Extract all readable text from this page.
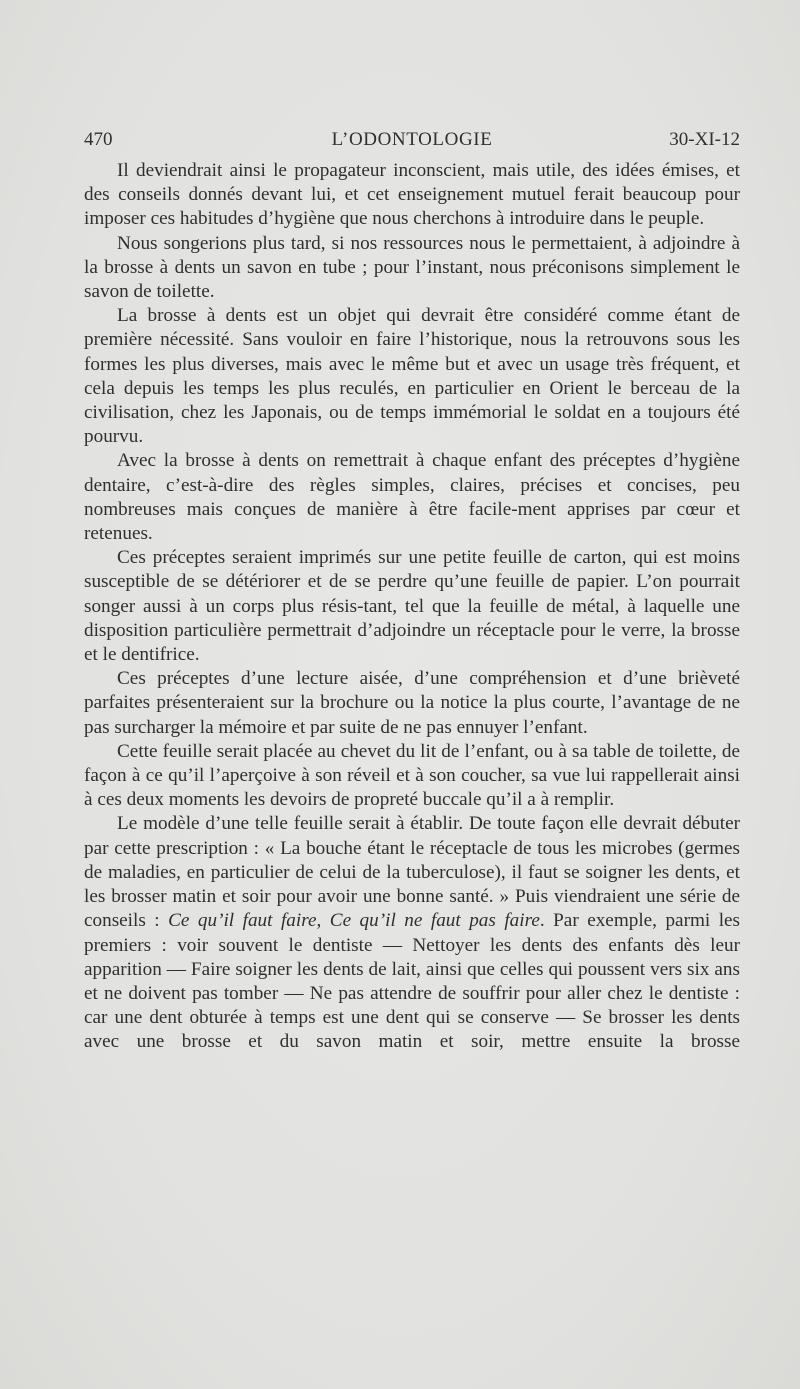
470	L’ODONTOLOGIE	30-XI-12

Il deviendrait ainsi le propagateur inconscient, mais utile, des idées émises, et des conseils donnés devant lui, et cet enseignement mutuel ferait beaucoup pour imposer ces habitudes d’hygiène que nous cherchons à introduire dans le peuple.

Nous songerions plus tard, si nos ressources nous le permettaient, à adjoindre à la brosse à dents un savon en tube ; pour l’instant, nous préconisons simplement le savon de toilette.

La brosse à dents est un objet qui devrait être considéré comme étant de première nécessité. Sans vouloir en faire l’historique, nous la retrouvons sous les formes les plus diverses, mais avec le même but et avec un usage très fréquent, et cela depuis les temps les plus reculés, en particulier en Orient le berceau de la civilisation, chez les Japonais, ou de temps immémorial le soldat en a toujours été pourvu.

Avec la brosse à dents on remettrait à chaque enfant des préceptes d’hygiène dentaire, c’est-à-dire des règles simples, claires, précises et concises, peu nombreuses mais conçues de manière à être facile-ment apprises par cœur et retenues.

Ces préceptes seraient imprimés sur une petite feuille de carton, qui est moins susceptible de se détériorer et de se perdre qu’une feuille de papier. L’on pourrait songer aussi à un corps plus résis-tant, tel que la feuille de métal, à laquelle une disposition particulière permettrait d’adjoindre un réceptacle pour le verre, la brosse et le dentifrice.

Ces préceptes d’une lecture aisée, d’une compréhension et d’une brièveté parfaites présenteraient sur la brochure ou la notice la plus courte, l’avantage de ne pas surcharger la mémoire et par suite de ne pas ennuyer l’enfant.

Cette feuille serait placée au chevet du lit de l’enfant, ou à sa table de toilette, de façon à ce qu’il l’aperçoive à son réveil et à son coucher, sa vue lui rappellerait ainsi à ces deux moments les devoirs de propreté buccale qu’il a à remplir.

Le modèle d’une telle feuille serait à établir. De toute façon elle devrait débuter par cette prescription : « La bouche étant le réceptacle de tous les microbes (germes de maladies, en particulier de celui de la tuberculose), il faut se soigner les dents, et les brosser matin et soir pour avoir une bonne santé. » Puis viendraient une série de conseils : Ce qu’il faut faire, Ce qu’il ne faut pas faire. Par exemple, parmi les premiers : voir souvent le dentiste — Nettoyer les dents des enfants dès leur apparition — Faire soigner les dents de lait, ainsi que celles qui poussent vers six ans et ne doivent pas tomber — Ne pas attendre de souffrir pour aller chez le dentiste : car une dent obturée à temps est une dent qui se conserve — Se brosser les dents avec une brosse et du savon matin et soir, mettre ensuite la brosse
